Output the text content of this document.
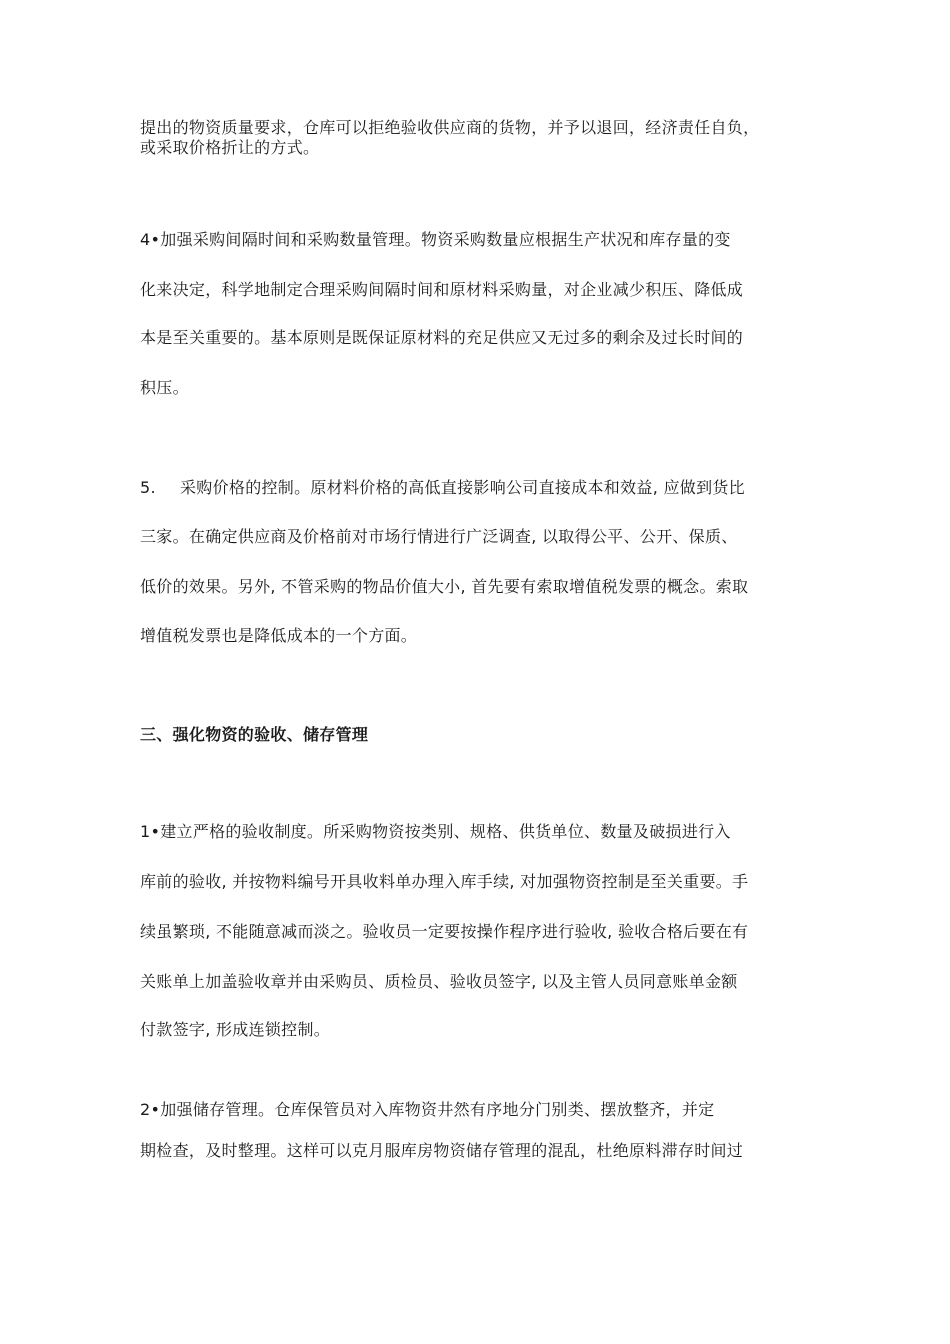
提出的物资质量要求，仓库可以拒绝验收供应商的货物，并予以退回，经济责任自负，
或采取价格折让的方式。
4•加强采购间隔时间和采购数量管理。物资采购数量应根据生产状况和库存量的变
化来决定，科学地制定合理采购间隔时间和原材料采购量，对企业减少积压、降低成
本是至关重要的。基本原则是既保证原材料的充足供应又无过多的剩余及过长时间的
积压。
5. 采购价格的控制。原材料价格的高低直接影响公司直接成本和效益, 应做到货比
三家。在确定供应商及价格前对市场行情进行广泛调查, 以取得公平、公开、保质、
低价的效果。另外, 不管采购的物品价值大小, 首先要有索取增值税发票的概念。索取
增值税发票也是降低成本的一个方面。
三、强化物资的验收、储存管理
1•建立严格的验收制度。所采购物资按类别、规格、供货单位、数量及破损进行入
库前的验收, 并按物料编号开具收料单办理入库手续, 对加强物资控制是至关重要。手
续虽繁琐, 不能随意减而淡之。验收员一定要按操作程序进行验收, 验收合格后要在有
关账单上加盖验收章并由采购员、质检员、验收员签字, 以及主管人员同意账单金额
付款签字, 形成连锁控制。
2•加强储存管理。仓库保管员对入库物资井然有序地分门别类、摆放整齐，并定
期检查，及时整理。这样可以克月服库房物资储存管理的混乱，杜绝原料滞存时间过
